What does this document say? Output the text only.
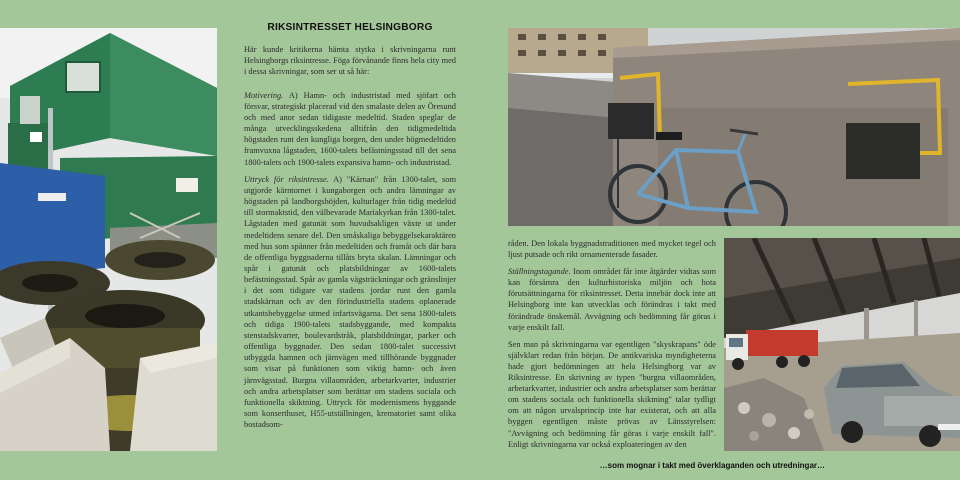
RIKSINTRESSET HELSINGBORG

Här kunde kritikerna hämta stytka i skrivningarna runt Helsingborgs riksintresse. Föga förvånande finns hela city med i dessa skrivningar, som ser ut så här:

Motivering. A) Hamn- och industristad med sjöfart och försvar, strategiskt placerad vid den smalaste delen av Öresund och med anor sedan tidigaste medeltid. Staden speglar de många utvecklingsskedena alltifrån den tidigmedeltida högstaden runt den kungliga borgen, den under högmedeltiden framvuxna lågstaden, 1600-talets befästningsstad till det sena 1800-talets och 1900-talets expansiva hamn- och industristad.

Uttryck för riksintresse. A) "Kärnan" från 1300-talet, som utgjorde kärntornet i kungaborgen och andra lämningar av högstaden på landborgshöjden, kulturlager från tidig medeltid till stormaktstid, den välbevarade Mariakyrkan från 1300-talet. Lågstaden med gatunät som huvudsakligen växte ut under medeltidens senare del. Den småskaliga bebyggelsekaraktären med hus som spänner från medeltiden och framåt och där bara de offentliga byggnaderna tillåts bryta skalan. Lämningar och spår i gatunät och platsbildningar av 1600-talets befästningsstad. Spår av gamla vägsträckningar och gränslinjer i det som tidigare var stadens jordar runt den gamla stadskärnan och av den förindustriella stadens oplanerade utkantsbebyggelse utmed infartsvägarna. Det sena 1800-talets och tidiga 1900-talets stadsbyggande, med kompakta stenstadskvarter, boulevardstråk, platsbildningar, parker och offentliga byggnader. Den sedan 1800-talet successivt utbyggda hamnen och järnvägen med tillhörande byggnader som visar på funktionen som viktig hamn- och även järnvägsstad. Burgna villaområden, arbetarkvarter, industrier och andra arbetsplatser som berättar om stadens sociala och funktionella skiktning. Uttryck för modernismens byggande som konserthuset, H55-utställningen, krematoriet samt olika bostadsom-

råden. Den lokala byggnadstraditionen med mycket tegel och ljust putsade och rikt ornamenterade fasader.

Ställningstagande. Inom området får inte åtgärder vidtas som kan försämra den kulturhistoriska miljön och hota förutsättningarna för riksintresset. Detta innebär dock inte att Helsingborg inte kan utvecklas och förändras i takt med förändrade önskemål. Avvägning och bedömning får göras i varje enskilt fall.

Sen man på skrivningarna var egentligen "skyskrapans" öde självklart redan från början. De antikvariska myndigheterna hade gjort bedömningen att hela Helsingborg var av Riksintresse. En skrivning av typen "burgna villaområden, arbetarkvarter, industrier och andra arbetsplatser som berättar om stadens sociala och funktionella skiktning" talar tydligt om att någon urvalsprincip inte har existerat, och att alla byggen egentligen måste prövas av Länsstyrelsen: "Avvägning och bedömning får göras i varje enskilt fall". Enligt skrivningarna var också exploateringen av den

…som mognar i takt med överklaganden och utredningar…
